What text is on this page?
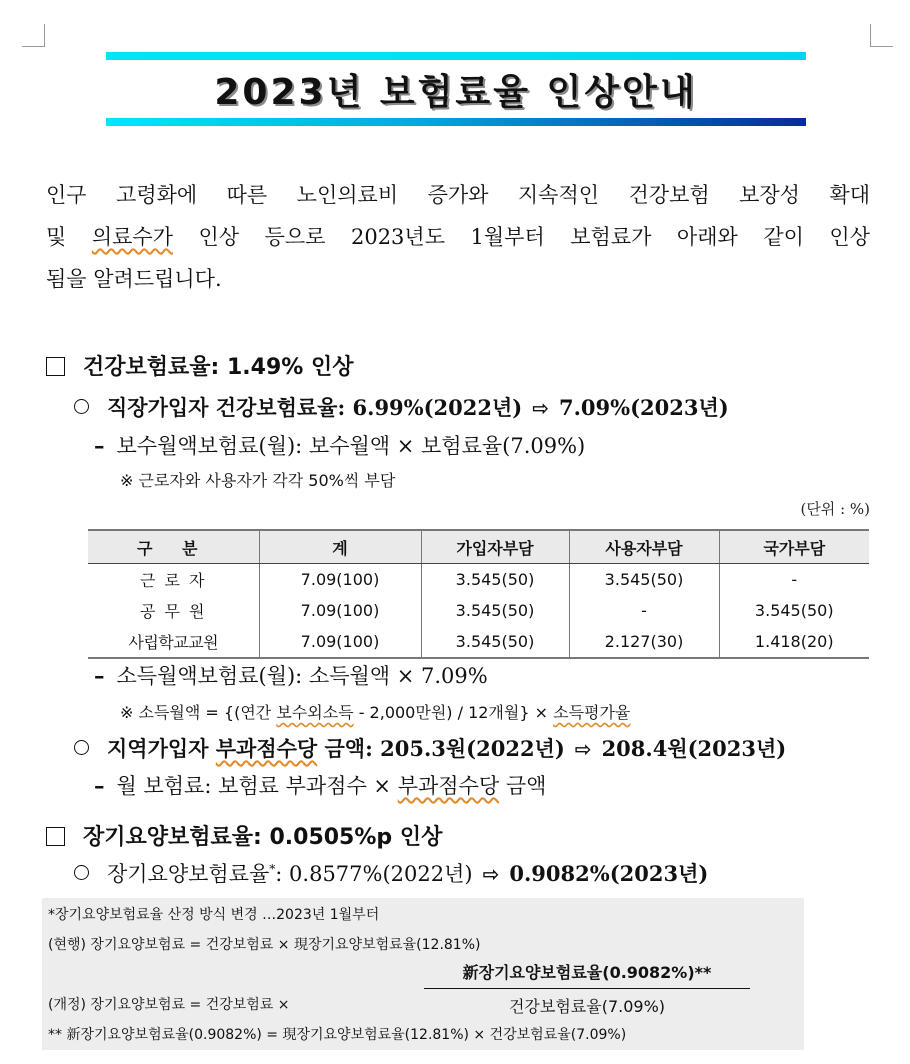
2023년 보험료율 인상안내
인구 고령화에 따른 노인의료비 증가와 지속적인 건강보험 보장성 확대
및 의료수가 인상 등으로 2023년도 1월부터 보험료가 아래와 같이 인상
됨을 알려드립니다.
건강보험료율: 1.49% 인상
직장가입자 건강보험료율: 6.99%(2022년) ⇨ 7.09%(2023년)
– 보수월액보험료(월): 보수월액 × 보험료율(7.09%)
※ 근로자와 사용자가 각각 50%씩 부담
(단위 : %)
구 분	계	가입자부담	사용자부담	국가부담
근 로 자	7.09(100)	3.545(50)	3.545(50)	-
공 무 원	7.09(100)	3.545(50)	-	3.545(50)
사립학교교원	7.09(100)	3.545(50)	2.127(30)	1.418(20)
– 소득월액보험료(월): 소득월액 × 7.09%
※ 소득월액 = {(연간 보수외소득 - 2,000만원) / 12개월} × 소득평가율
지역가입자 부과점수당 금액: 205.3원(2022년) ⇨ 208.4원(2023년)
– 월 보험료: 보험료 부과점수 × 부과점수당 금액
장기요양보험료율: 0.0505%p 인상
장기요양보험료율*: 0.8577%(2022년) ⇨ 0.9082%(2023년)
*장기요양보험료율 산정 방식 변경 …2023년 1월부터
(현행) 장기요양보험료 = 건강보험료 × 現장기요양보험료율(12.81%)
新장기요양보험료율(0.9082%)**
(개정) 장기요양보험료 = 건강보험료 ×	건강보험료율(7.09%)
** 新장기요양보험료율(0.9082%) = 現장기요양보험료율(12.81%) × 건강보험료율(7.09%)
